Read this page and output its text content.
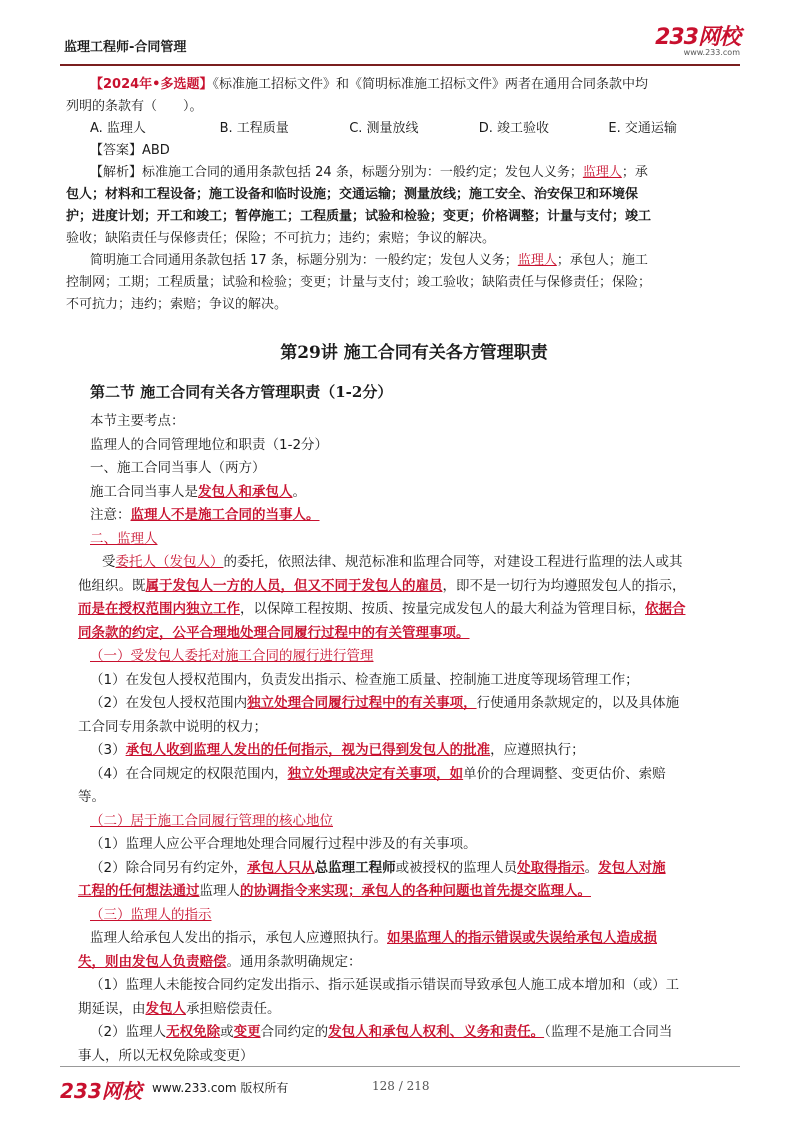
监理工程师-合同管理	233网校
www.233.com

【2024年•多选题】《标准施工招标文件》和《简明标准施工招标文件》两者在通用合同条款中均

列明的条款有（　　）。

A. 监理人	B. 工程质量	C. 测量放线	D. 竣工验收	E. 交通运输

【答案】ABD

【解析】标准施工合同的通用条款包括 24 条，标题分别为：一般约定；发包人义务；监理人；承

包人；材料和工程设备；施工设备和临时设施；交通运输；测量放线；施工安全、治安保卫和环境保

护；进度计划；开工和竣工；暂停施工；工程质量；试验和检验；变更；价格调整；计量与支付；竣工

验收；缺陷责任与保修责任；保险；不可抗力；违约；索赔；争议的解决。

简明施工合同通用条款包括 17 条，标题分别为：一般约定；发包人义务；监理人；承包人；施工

控制网；工期；工程质量；试验和检验；变更；计量与支付；竣工验收；缺陷责任与保修责任；保险；

不可抗力；违约；索赔；争议的解决。

第29讲 施工合同有关各方管理职责
第二节 施工合同有关各方管理职责（1-2分）

本节主要考点：

监理人的合同管理地位和职责（1-2分）

一、施工合同当事人（两方）

施工合同当事人是发包人和承包人。

注意：监理人不是施工合同的当事人。

二、监理人

受委托人（发包人）的委托，依照法律、规范标准和监理合同等，对建设工程进行监理的法人或其

他组织。既属于发包人一方的人员，但又不同于发包人的雇员，即不是一切行为均遵照发包人的指示，

而是在授权范围内独立工作，以保障工程按期、按质、按量完成发包人的最大利益为管理目标，依据合

同条款的约定，公平合理地处理合同履行过程中的有关管理事项。

（一）受发包人委托对施工合同的履行进行管理

（1）在发包人授权范围内，负责发出指示、检查施工质量、控制施工进度等现场管理工作；

（2）在发包人授权范围内独立处理合同履行过程中的有关事项，行使通用条款规定的，以及具体施

工合同专用条款中说明的权力；

（3）承包人收到监理人发出的任何指示，视为已得到发包人的批准，应遵照执行；

（4）在合同规定的权限范围内，独立处理或决定有关事项，如单价的合理调整、变更估价、索赔

等。

（二）居于施工合同履行管理的核心地位

（1）监理人应公平合理地处理合同履行过程中涉及的有关事项。

（2）除合同另有约定外，承包人只从总监理工程师或被授权的监理人员处取得指示。发包人对施

工程的任何想法通过监理人的协调指令来实现；承包人的各种问题也首先提交监理人。

（三）监理人的指示

监理人给承包人发出的指示，承包人应遵照执行。如果监理人的指示错误或失误给承包人造成损

失，则由发包人负责赔偿。通用条款明确规定：

（1）监理人未能按合同约定发出指示、指示延误或指示错误而导致承包人施工成本增加和（或）工

期延误，由发包人承担赔偿责任。

（2）监理人无权免除或变更合同约定的发包人和承包人权利、义务和责任。（监理不是施工合同当

事人，所以无权免除或变更）

233网校 www.233.com 版权所有	128 / 218
